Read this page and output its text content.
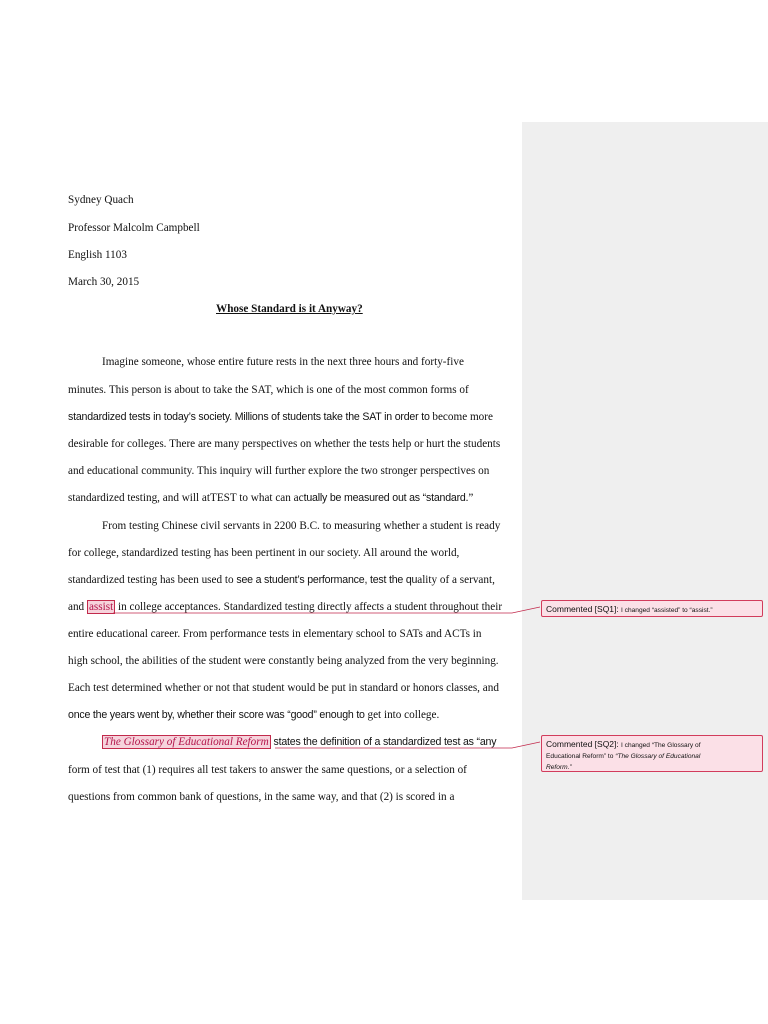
Sydney Quach
Professor Malcolm Campbell
English 1103
March 30, 2015
Whose Standard is it Anyway?
Imagine someone, whose entire future rests in the next three hours and forty-five
minutes. This person is about to take the SAT, which is one of the most common forms of
standardized tests in today’s society. Millions of students take the SAT in order to become more
desirable for colleges. There are many perspectives on whether the tests help or hurt the students
and educational community. This inquiry will further explore the two stronger perspectives on
standardized testing, and will atTEST to what can actually be measured out as “standard.”
From testing Chinese civil servants in 2200 B.C. to measuring whether a student is ready
for college, standardized testing has been pertinent in our society. All around the world,
standardized testing has been used to see a student’s performance, test the quality of a servant,
and assist in college acceptances. Standardized testing directly affects a student throughout their
entire educational career. From performance tests in elementary school to SATs and ACTs in
high school, the abilities of the student were constantly being analyzed from the very beginning.
Each test determined whether or not that student would be put in standard or honors classes, and
once the years went by, whether their score was “good” enough to get into college.
The Glossary of Educational Reform states the definition of a standardized test as “any
form of test that (1) requires all test takers to answer the same questions, or a selection of
questions from common bank of questions, in the same way, and that (2) is scored in a
Commented [SQ1]: I changed “assisted” to “assist.”
Commented [SQ2]: I changed “The Glossary of
Educational Reform” to “The Glossary of Educational
Reform.”
